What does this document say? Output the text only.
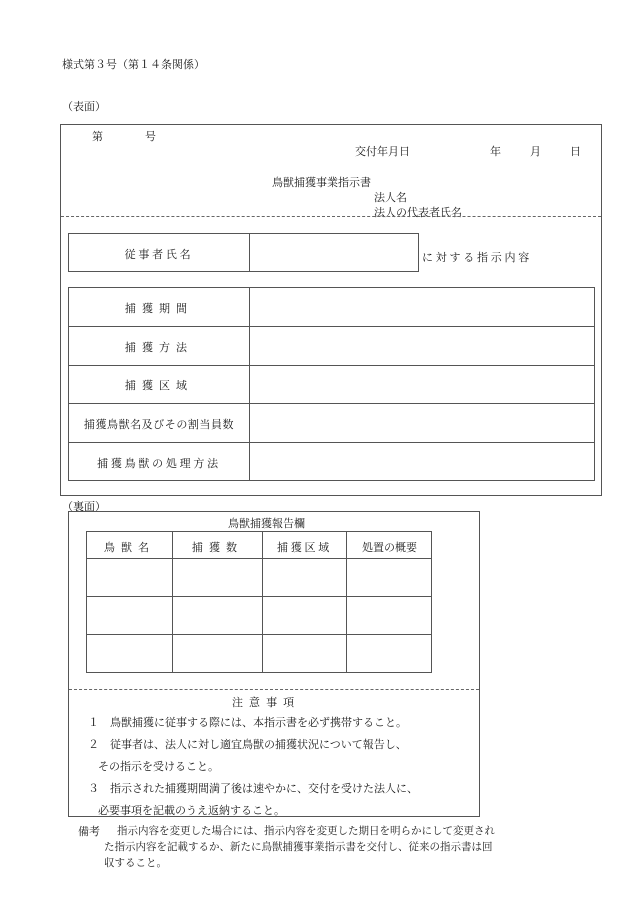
様式第３号（第１４条関係）
（表面）
第	号
交付年月日	年	月	日
鳥獣捕獲事業指示書
法人名
法人の代表者氏名
従事者氏名	に対する指示内容
捕獲期間
捕獲方法
捕獲区域
捕獲鳥獣名及びその割当員数
捕獲鳥獣の処理方法
（裏面）
鳥獣捕獲報告欄
鳥獣名	捕獲数	捕獲区域	処置の概要
注意事項
１　鳥獣捕獲に従事する際には、本指示書を必ず携帯すること。
２　従事者は、法人に対し適宜鳥獣の捕獲状況について報告し、
その指示を受けること。
３　指示された捕獲期間満了後は速やかに、交付を受けた法人に、
必要事項を記載のうえ返納すること。
備考 指示内容を変更した場合には、指示内容を変更した期日を明らかにして変更され
た指示内容を記載するか、新たに鳥獣捕獲事業指示書を交付し、従来の指示書は回
収すること。
